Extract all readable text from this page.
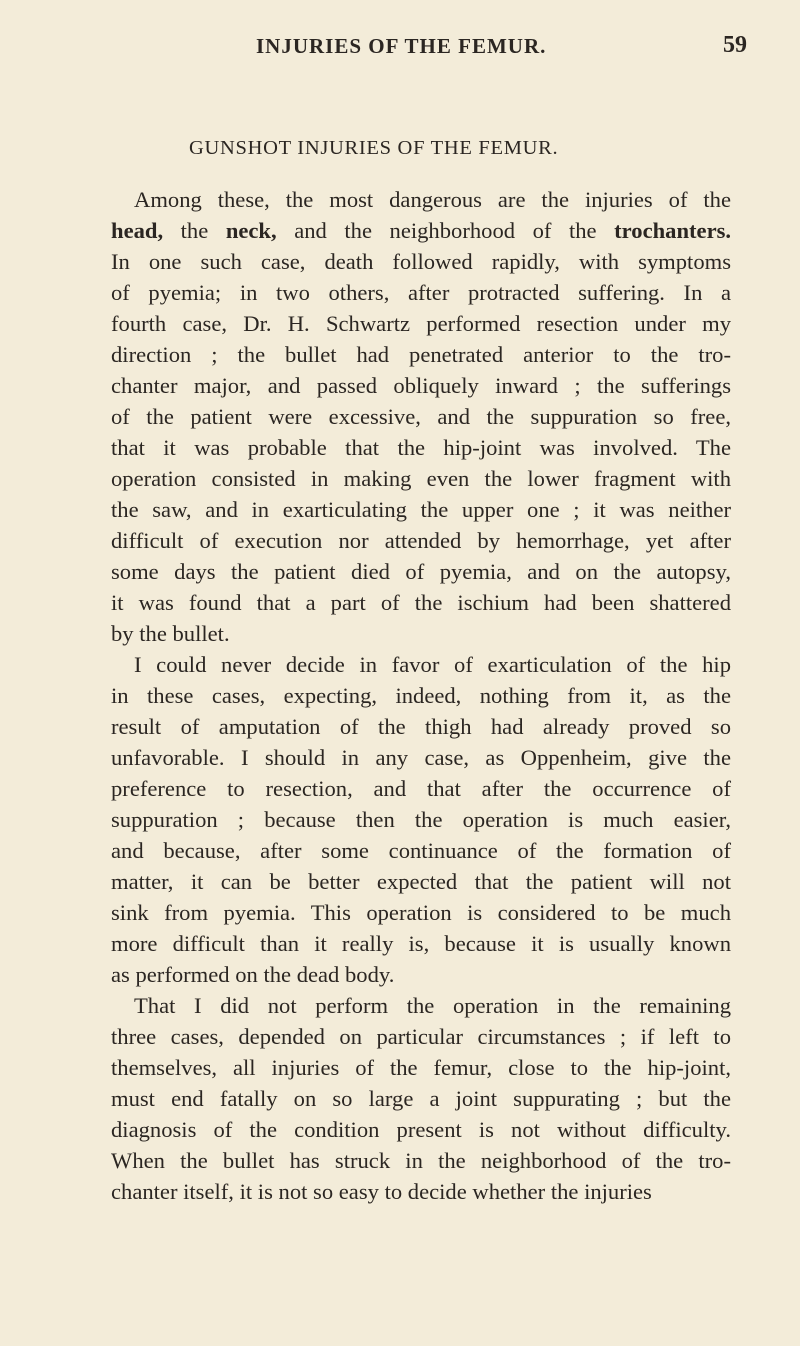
INJURIES OF THE FEMUR.	59
GUNSHOT INJURIES OF THE FEMUR.
Among these, the most dangerous are the injuries of the
head, the neck, and the neighborhood of the trochanters.
In one such case, death followed rapidly, with symptoms
of pyemia; in two others, after protracted suffering. In a
fourth case, Dr. H. Schwartz performed resection under my
direction ; the bullet had penetrated anterior to the tro-
chanter major, and passed obliquely inward ; the sufferings
of the patient were excessive, and the suppuration so free,
that it was probable that the hip-joint was involved. The
operation consisted in making even the lower fragment with
the saw, and in exarticulating the upper one ; it was neither
difficult of execution nor attended by hemorrhage, yet after
some days the patient died of pyemia, and on the autopsy,
it was found that a part of the ischium had been shattered
by the bullet.
I could never decide in favor of exarticulation of the hip
in these cases, expecting, indeed, nothing from it, as the
result of amputation of the thigh had already proved so
unfavorable. I should in any case, as Oppenheim, give the
preference to resection, and that after the occurrence of
suppuration ; because then the operation is much easier,
and because, after some continuance of the formation of
matter, it can be better expected that the patient will not
sink from pyemia. This operation is considered to be much
more difficult than it really is, because it is usually known
as performed on the dead body.
That I did not perform the operation in the remaining
three cases, depended on particular circumstances ; if left to
themselves, all injuries of the femur, close to the hip-joint,
must end fatally on so large a joint suppurating ; but the
diagnosis of the condition present is not without difficulty.
When the bullet has struck in the neighborhood of the tro-
chanter itself, it is not so easy to decide whether the injuries
